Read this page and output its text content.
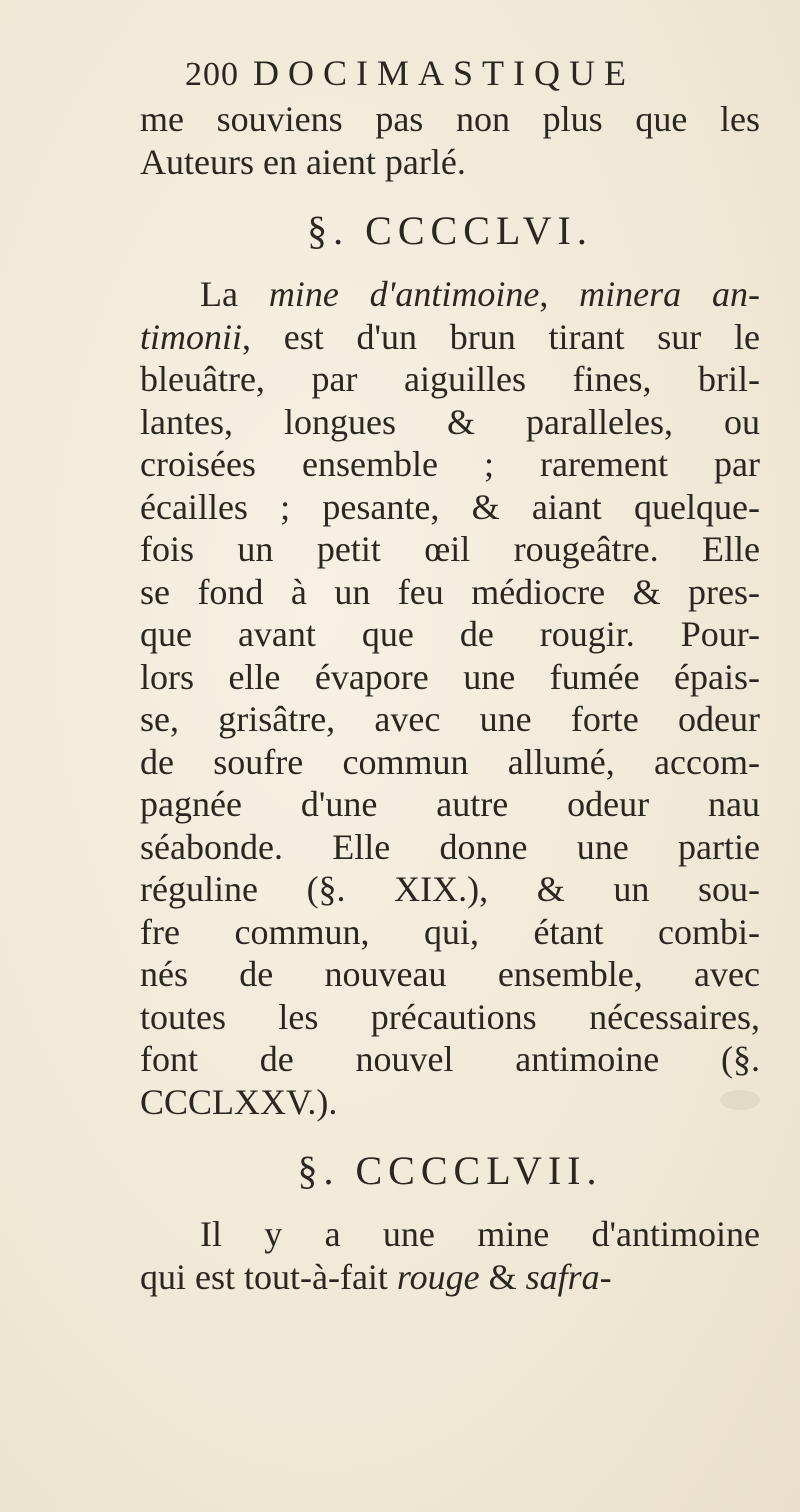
200 DOCIMASTIQUE
me souviens pas non plus que les
Auteurs en aient parlé.
§. CCCCLVI.
La mine d'antimoine, minera an-
timonii, est d'un brun tirant sur le
bleuâtre, par aiguilles fines, bril-
lantes, longues & paralleles, ou
croisées ensemble ; rarement par
écailles ; pesante, & aiant quelque-
fois un petit œil rougeâtre. Elle
se fond à un feu médiocre & pres-
que avant que de rougir. Pour-
lors elle évapore une fumée épais-
se, grisâtre, avec une forte odeur
de soufre commun allumé, accom-
pagnée d'une autre odeur nau
séabonde. Elle donne une partie
réguline (§. XIX.), & un sou-
fre commun, qui, étant combi-
nés de nouveau ensemble, avec
toutes les précautions nécessaires,
font de nouvel antimoine (§.
CCCLXXV.).
§. CCCCLVII.
Il y a une mine d'antimoine
qui est tout-à-fait rouge & safra-
